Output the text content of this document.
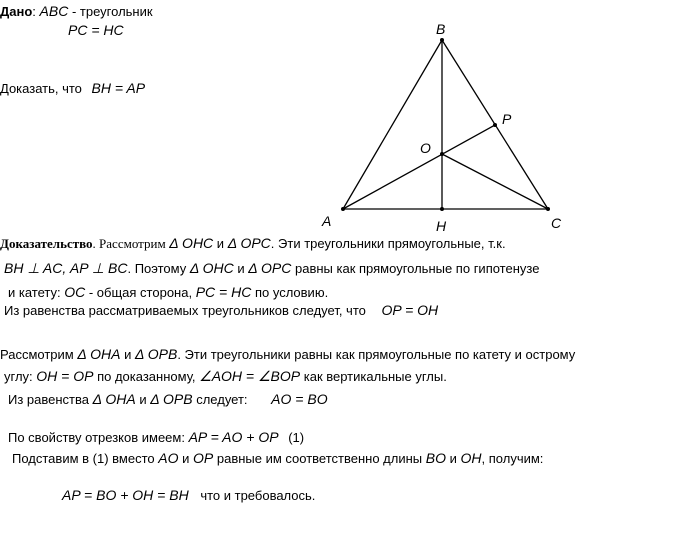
Дано: ABC - треугольник
PC = HC
Доказать, что BH = AP
B
P
O
A	H	C
Доказательство. Рассмотрим Δ OHC и Δ OPC. Эти треугольники прямоугольные, т.к.
BH ⊥ AC, AP ⊥ BC. Поэтому Δ OHC и Δ OPC равны как прямоугольные по гипотенузе
и катету: OC - общая сторона, PC = HC по условию.
Из равенства рассматриваемых треугольников следует, что OP = OH
Рассмотрим Δ OHA и Δ OPB. Эти треугольники равны как прямоугольные по катету и острому
углу: OH = OP по доказанному, ∠AOH = ∠BOP как вертикальные углы.
Из равенства Δ OHA и Δ OPB следует: AO = BO
По свойству отрезков имеем: AP = AO + OP (1)
Подставим в (1) вместо AO и OP равные им соответственно длины BO и OH, получим:
AP = BO + OH = BH что и требовалось.
